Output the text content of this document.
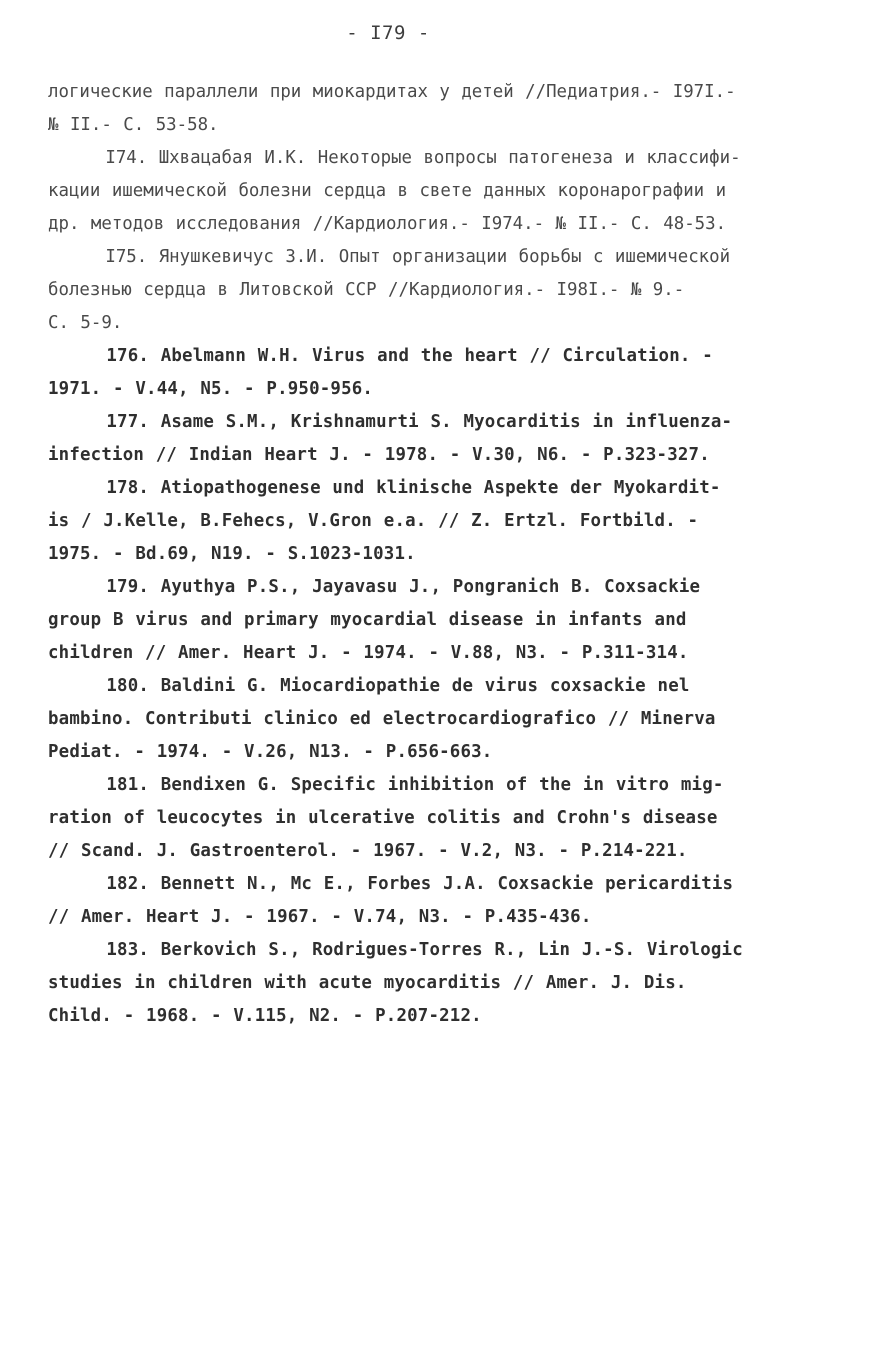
- I79 -
логические параллели при миокардитах у детей //Педиатрия.- I97I.-
№ II.- С. 53-58.
I74. Шхвацабая И.К. Некоторые вопросы патогенеза и классифи-
кации ишемической болезни сердца в свете данных коронарографии и
др. методов исследования //Кардиология.- I974.- № II.- С. 48-53.
I75. Янушкевичус З.И. Опыт организации борьбы с ишемической
болезнью сердца в Литовской ССР //Кардиология.- I98I.- № 9.-
С. 5-9.
176. Abelmann W.H. Virus and the heart // Circulation. -
1971. - V.44, N5. - P.950-956.
177. Asame S.M., Krishnamurti S. Myocarditis in influenza-
infection // Indian Heart J. - 1978. - V.30, N6. - P.323-327.
178. Atiopathogenese und klinische Aspekte der Myokardit-
is / J.Kelle, B.Fehecs, V.Gron e.a. // Z. Ertzl. Fortbild. -
1975. - Bd.69, N19. - S.1023-1031.
179. Ayuthya P.S., Jayavasu J., Pongranich B. Coxsackie
group B virus and primary myocardial disease in infants and
children // Amer. Heart J. - 1974. - V.88, N3. - P.311-314.
180. Baldini G. Miocardiopathie de virus coxsackie nel
bambino. Contributi clinico ed electrocardiografico // Minerva
Pediat. - 1974. - V.26, N13. - P.656-663.
181. Bendixen G. Specific inhibition of the in vitro mig-
ration of leucocytes in ulcerative colitis and Crohn's disease
// Scand. J. Gastroenterol. - 1967. - V.2, N3. - P.214-221.
182. Bennett N., Mc E., Forbes J.A. Coxsackie pericarditis
// Amer. Heart J. - 1967. - V.74, N3. - P.435-436.
183. Berkovich S., Rodrigues-Torres R., Lin J.-S. Virologic
studies in children with acute myocarditis // Amer. J. Dis.
Child. - 1968. - V.115, N2. - P.207-212.
